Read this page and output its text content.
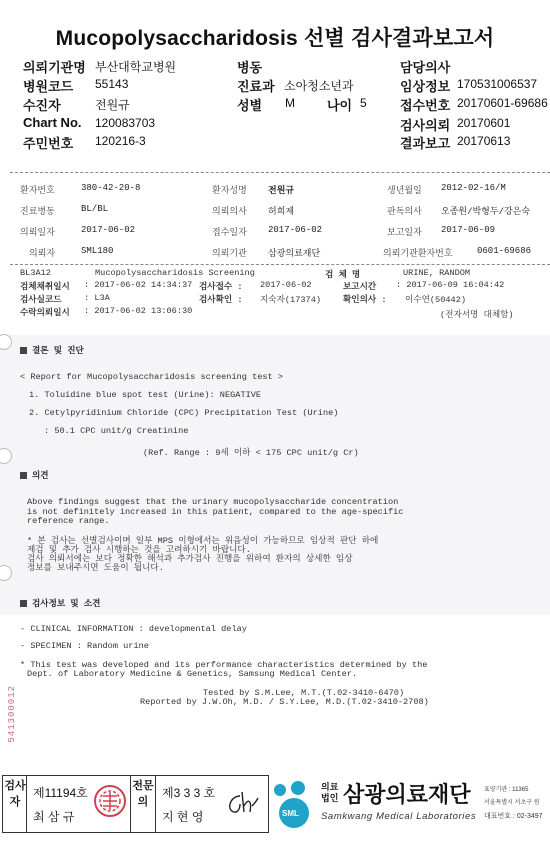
Mucopolysaccharidosis 선별 검사결과보고서
의뢰기관명 부산대학교병원	병동	담당의사
병원코드 55143	진료과 소아청소년과	임상정보 170531006537
수진자	전원규	성별 M 나이 5	접수번호 20170601-69686
Chart No. 120083703	검사의뢰 20170601
주민번호 120216-3	결과보고 20170613
환자번호	380-42-20-8	환자성명 전원규	생년월일 2012-02-16/M
진료병동	BL/BL	의뢰의사 허희제	판독의사 오종원/박형두/강은숙
의뢰일자	2017-06-02	접수일자 2017-06-02	보고일자 2017-06-09
의뢰자	SML180	의뢰기관 삼광의료재단	의뢰기관환자번호	0601-69686
BL3A12	Mucopolysaccharidosis Screening	검 체 명	URINE, RANDOM
검체채취일시 : 2017-06-02 14:34:37 검사접수 : 2017-06-02	보고시간 : 2017-06-09 16:04:42
검사실코드	: L3A	검사확인 : 지숙자(17374)	확인의사 : 이수연(50442)
수락의뢰일시 : 2017-06-02 13:06:30	(전자서명 대체함)
결론 및 진단
< Report for Mucopolysaccharidosis screening test >
1. Toluidine blue spot test (Urine): NEGATIVE
2. Cetylpyridinium Chloride (CPC) Precipitation Test (Urine)
: 50.1 CPC unit/g Creatinine
(Ref. Range : 9세 이하 < 175 CPC unit/g Cr)
의견
Above findings suggest that the urinary mucopolysaccharide concentration
is not definitely increased in this patient, compared to the age-specific
reference range.
* 본 검사는 선별검사이며 일부 MPS 이형에서는 위음성이 가능하므로 임상적 판단 하에
제검 및 추가 검사 시행하는 것을 고려하시기 바랍니다.
검사 의뢰서에는 보다 정확한 해석과 추가검사 진행을 위하여 환자의 상세한 임상
정보를 보내주시면 도움이 됩니다.
검사정보 및 소견
- CLINICAL INFORMATION : developmental delay
- SPECIMEN : Random urine
* This test was developed and its performance characteristics determined by the
Dept. of Laboratory Medicine & Genetics, Samsung Medical Center.
Tested by S.M.Lee, M.T.(T.02-3410-6470)
Reported by J.W.Oh, M.D. / S.Y.Lee, M.D.(T.02-3410-2708)
541300012
검사자
제11194호
최 삼 규
전문의
제3 3 3 호
지 현 영	SML
의료
법인 삼광의료재단
Samkwang Medical Laboratories
표양기관 : 11365
서울특별시 서초구 원
대표번호 : 02-3497
